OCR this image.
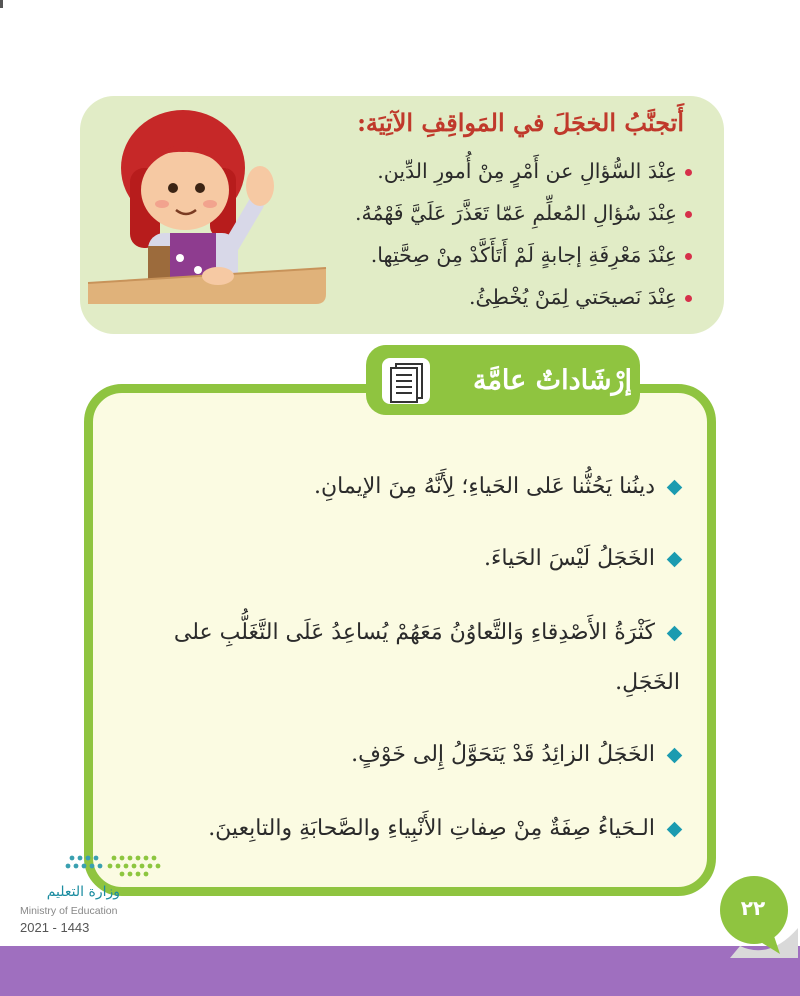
أَتجنَّبُ الخجَلَ في المَواقِفِ الآتِيَة:
عِنْدَ السُّؤالِ عن أَمْرٍ مِنْ أُمورِ الدِّين.
عِنْدَ سُؤالِ المُعلِّمِ عَمّا تَعَذَّرَ عَلَيَّ فَهْمُهُ.
عِنْدَ مَعْرِفَةِ إجابةٍ لَمْ أَتَأَكَّدْ مِنْ صِحَّتِها.
عِنْدَ نَصيحَتي لِمَنْ يُخْطِئُ.
إرْشَاداتٌ عامَّة
دينُنا يَحُثُّنا عَلى الحَياءِ؛ لِأَنَّهُ مِنَ الإيمانِ.
الخَجَلُ لَيْسَ الحَياءَ.
كَثْرَةُ الأَصْدِقاءِ وَالتَّعاوُنُ مَعَهُمْ يُساعِدُ عَلَى التَّغَلُّبِ على الخَجَلِ.
الخَجَلُ الزائِدُ قَدْ يَتَحَوَّلُ إِلى خَوْفٍ.
الـحَياءُ صِفَةٌ مِنْ صِفاتِ الأَنْبِياءِ والصَّحابَةِ والتابِعينَ.
وزارة التعليم
Ministry of Education
2021 - 1443
٢٢
